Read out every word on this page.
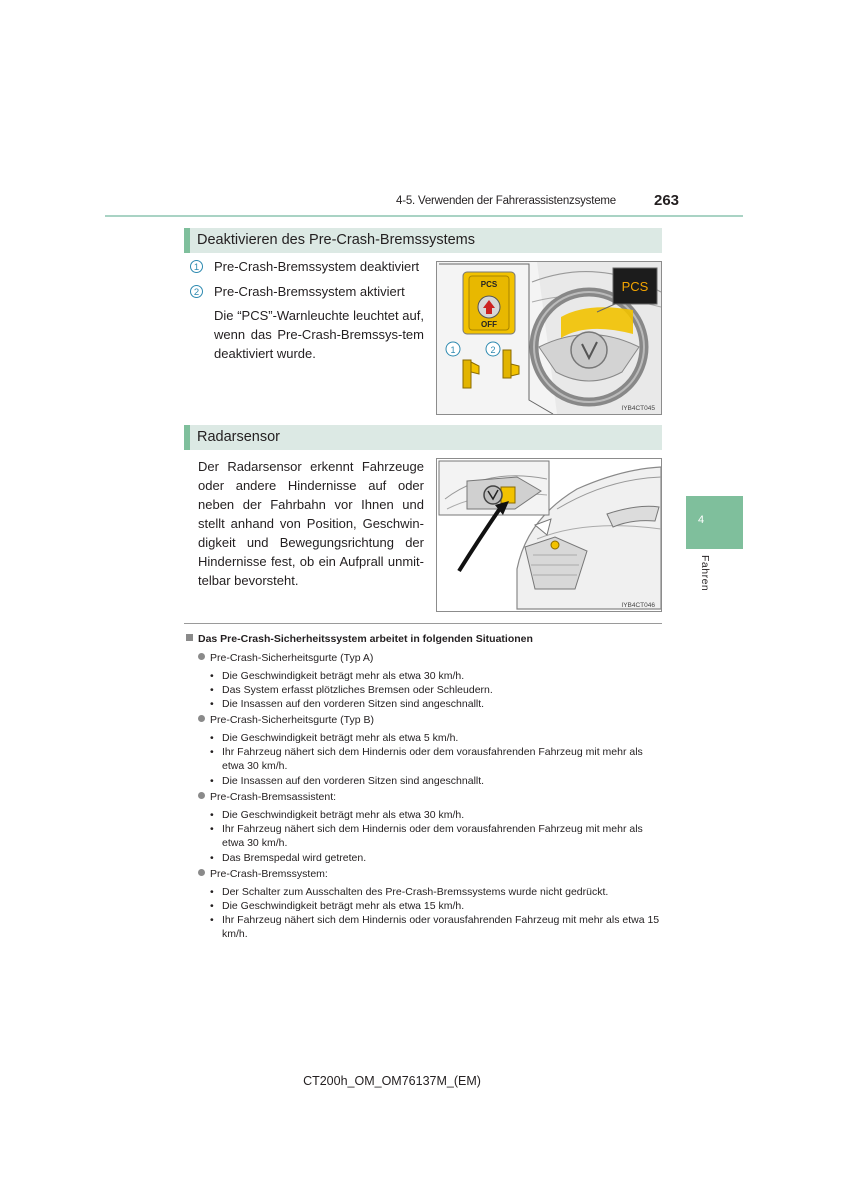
4-5. Verwenden der Fahrerassistenzsysteme	263
Deaktivieren des Pre-Crash-Bremssystems
1 Pre-Crash-Bremssystem deaktiviert
2 Pre-Crash-Bremssystem aktiviert
Die “PCS”-Warnleuchte leuchtet auf, wenn das Pre-Crash-Bremssys-tem deaktiviert wurde.
PCS
PCS
OFF
1	2
IYB4CT045
Radarsensor
Der Radarsensor erkennt Fahrzeuge oder andere Hindernisse auf oder neben der Fahrbahn vor Ihnen und stellt anhand von Position, Geschwin-digkeit und Bewegungsrichtung der Hindernisse fest, ob ein Aufprall unmit-telbar bevorsteht.
IYB4CT046
Das Pre-Crash-Sicherheitssystem arbeitet in folgenden Situationen
Pre-Crash-Sicherheitsgurte (Typ A)
• Die Geschwindigkeit beträgt mehr als etwa 30 km/h.
• Das System erfasst plötzliches Bremsen oder Schleudern.
• Die Insassen auf den vorderen Sitzen sind angeschnallt.
Pre-Crash-Sicherheitsgurte (Typ B)
• Die Geschwindigkeit beträgt mehr als etwa 5 km/h.
• Ihr Fahrzeug nähert sich dem Hindernis oder dem vorausfahrenden Fahrzeug mit mehr als etwa 30 km/h.
• Die Insassen auf den vorderen Sitzen sind angeschnallt.
Pre-Crash-Bremsassistent:
• Die Geschwindigkeit beträgt mehr als etwa 30 km/h.
• Ihr Fahrzeug nähert sich dem Hindernis oder dem vorausfahrenden Fahrzeug mit mehr als etwa 30 km/h.
• Das Bremspedal wird getreten.
Pre-Crash-Bremssystem:
• Der Schalter zum Ausschalten des Pre-Crash-Bremssystems wurde nicht gedrückt.
• Die Geschwindigkeit beträgt mehr als etwa 15 km/h.
• Ihr Fahrzeug nähert sich dem Hindernis oder vorausfahrenden Fahrzeug mit mehr als etwa 15 km/h.
4
Fahren
CT200h_OM_OM76137M_(EM)
